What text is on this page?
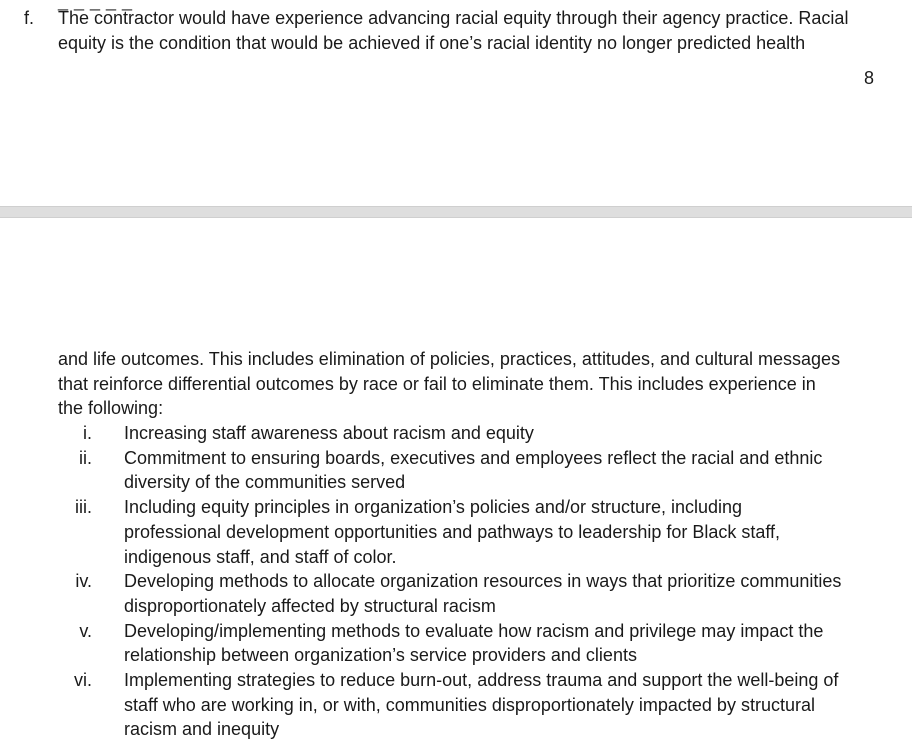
_ _ _ _ _
f. The contractor would have experience advancing racial equity through their agency practice. Racial
equity is the condition that would be achieved if one’s racial identity no longer predicted health

8

and life outcomes. This includes elimination of policies, practices, attitudes, and cultural messages
that reinforce differential outcomes by race or fail to eliminate them. This includes experience in
the following:

i. Increasing staff awareness about racism and equity
ii. Commitment to ensuring boards, executives and employees reflect the racial and ethnic
diversity of the communities served
iii. Including equity principles in organization’s policies and/or structure, including
professional development opportunities and pathways to leadership for Black staff,
indigenous staff, and staff of color.
iv. Developing methods to allocate organization resources in ways that prioritize communities
disproportionately affected by structural racism
v. Developing/implementing methods to evaluate how racism and privilege may impact the
relationship between organization’s service providers and clients
vi. Implementing strategies to reduce burn-out, address trauma and support the well-being of
staff who are working in, or with, communities disproportionately impacted by structural
racism and inequity
